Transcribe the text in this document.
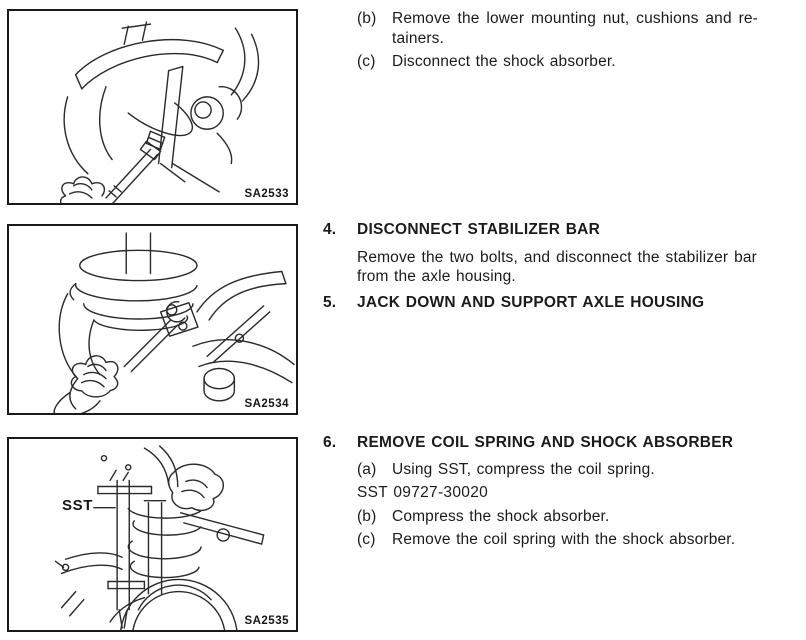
SA2533
SA2534
SST
SA2535
(b)	Remove the lower mounting nut, cushions and re-
tainers.
(c)	Disconnect the shock absorber.
4.	DISCONNECT STABILIZER BAR
Remove the two bolts, and disconnect the stabilizer bar
from the axle housing.
5.	JACK DOWN AND SUPPORT AXLE HOUSING
6.	REMOVE COIL SPRING AND SHOCK ABSORBER
(a)	Using SST, compress the coil spring.
SST 09727-30020
(b)	Compress the shock absorber.
(c)	Remove the coil spring with the shock absorber.
